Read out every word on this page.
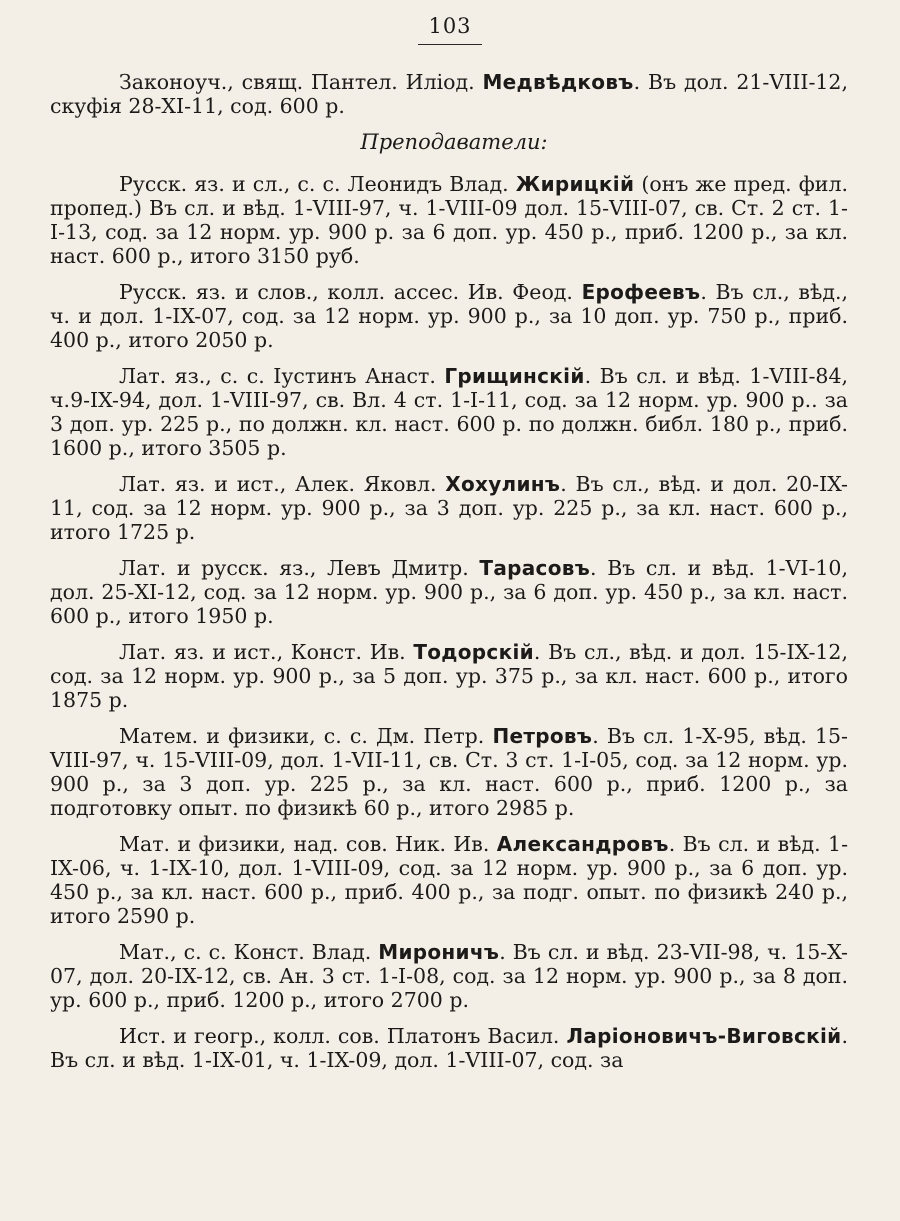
103

Законоуч., свящ. Пантел. Иліод. Медвѣдковъ. Въ дол. 21-VIII-12, скуфія 28-XI-11, сод. 600 р.

Преподаватели:

Русск. яз. и сл., с. с. Леонидъ Влад. Жирицкій (онъ же пред. фил. пропед.) Въ сл. и вѣд. 1-VIII-97, ч. 1-VIII-09 дол. 15-VIII-07, св. Ст. 2 ст. 1-I-13, сод. за 12 норм. ур. 900 р. за 6 доп. ур. 450 р., приб. 1200 р., за кл. наст. 600 р., итого 3150 руб.

Русск. яз. и слов., колл. ассес. Ив. Феод. Ерофеевъ. Въ сл., вѣд., ч. и дол. 1-IX-07, сод. за 12 норм. ур. 900 р., за 10 доп. ур. 750 р., приб. 400 р., итого 2050 р.

Лат. яз., с. с. Іустинъ Анаст. Грищинскій. Въ сл. и вѣд. 1-VIII-84, ч.9-IX-94, дол. 1-VIII-97, св. Вл. 4 ст. 1-I-11, сод. за 12 норм. ур. 900 р.. за 3 доп. ур. 225 р., по должн. кл. наст. 600 р. по должн. библ. 180 р., приб. 1600 р., итого 3505 р.

Лат. яз. и ист., Алек. Яковл. Хохулинъ. Въ сл., вѣд. и дол. 20-IX-11, сод. за 12 норм. ур. 900 р., за 3 доп. ур. 225 р., за кл. наст. 600 р., итого 1725 р.

Лат. и русск. яз., Левъ Дмитр. Тарасовъ. Въ сл. и вѣд. 1-VI-10, дол. 25-XI-12, сод. за 12 норм. ур. 900 р., за 6 доп. ур. 450 р., за кл. наст. 600 р., итого 1950 р.

Лат. яз. и ист., Конст. Ив. Тодорскій. Въ сл., вѣд. и дол. 15-IX-12, сод. за 12 норм. ур. 900 р., за 5 доп. ур. 375 р., за кл. наст. 600 р., итого 1875 р.

Матем. и физики, с. с. Дм. Петр. Петровъ. Въ сл. 1-X-95, вѣд. 15-VIII-97, ч. 15-VIII-09, дол. 1-VII-11, св. Ст. 3 ст. 1-I-05, сод. за 12 норм. ур. 900 р., за 3 доп. ур. 225 р., за кл. наст. 600 р., приб. 1200 р., за подготовку опыт. по физикѣ 60 р., итого 2985 р.

Мат. и физики, над. сов. Ник. Ив. Александровъ. Въ сл. и вѣд. 1-IX-06, ч. 1-IX-10, дол. 1-VIII-09, сод. за 12 норм. ур. 900 р., за 6 доп. ур. 450 р., за кл. наст. 600 р., приб. 400 р., за подг. опыт. по физикѣ 240 р., итого 2590 р.

Мат., с. с. Конст. Влад. Мироничъ. Въ сл. и вѣд. 23-VII-98, ч. 15-X-07, дол. 20-IX-12, св. Ан. 3 ст. 1-I-08, сод. за 12 норм. ур. 900 р., за 8 доп. ур. 600 р., приб. 1200 р., итого 2700 р.

Ист. и геогр., колл. сов. Платонъ Васил. Ларіоновичъ-Виговскій. Въ сл. и вѣд. 1-IX-01, ч. 1-IX-09, дол. 1-VIII-07, сод. за
